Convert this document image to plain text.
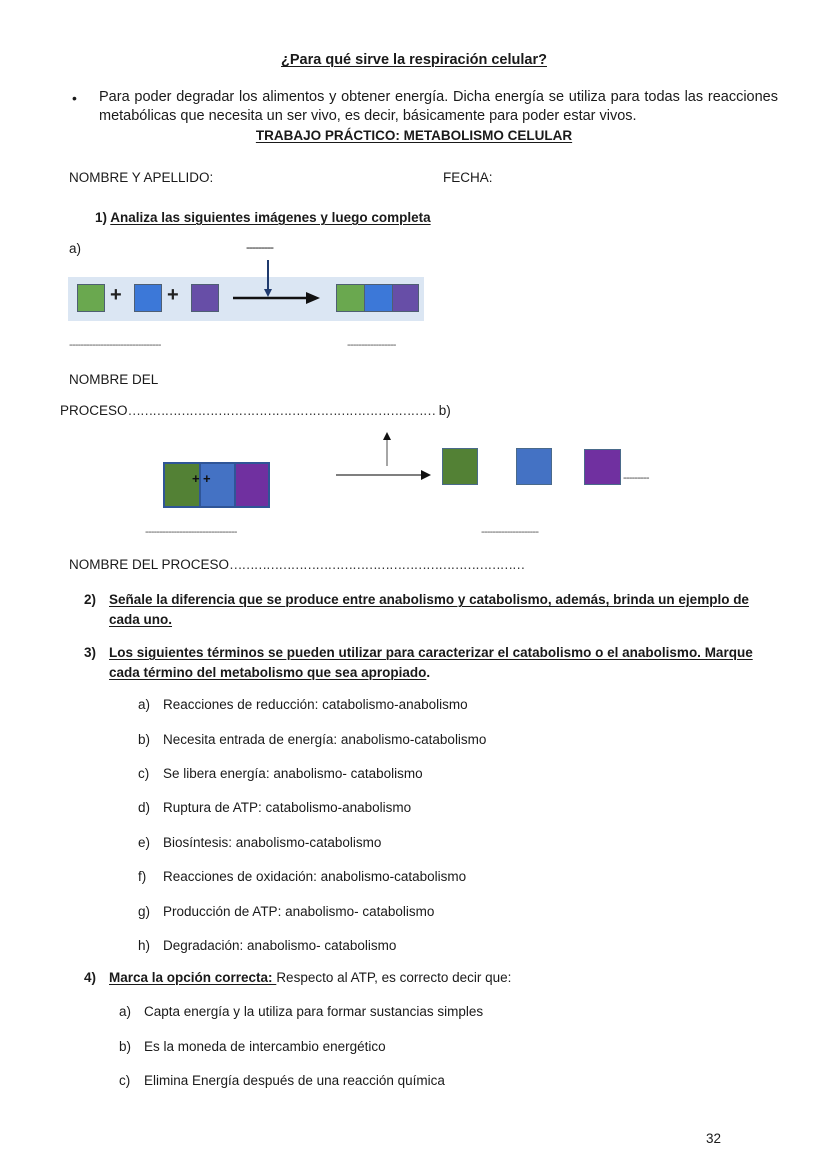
¿Para qué sirve la respiración celular?
• Para poder degradar los alimentos y obtener energía. Dicha energía se utiliza para todas las reacciones metabólicas que necesita un ser vivo, es decir, básicamente para poder estar vivos.
TRABAJO PRÁCTICO: METABOLISMO CELULAR
NOMBRE Y APELLIDO:	FECHA:
1) Analiza las siguientes imágenes y luego completa
a)	---------
+ +
--------------------------------	-----------------
NOMBRE DEL
PROCESO………………………………………………………………… b)
+ +	---------
--------------------------------	--------------------
NOMBRE DEL PROCESO………………………………………………………………
2) Señale la diferencia que se produce entre anabolismo y catabolismo, además, brinda un ejemplo de
cada uno.
3) Los siguientes términos se pueden utilizar para caracterizar el catabolismo o el anabolismo. Marque
cada término del metabolismo que sea apropiado.
a) Reacciones de reducción: catabolismo-anabolismo
b) Necesita entrada de energía: anabolismo-catabolismo
c) Se libera energía: anabolismo- catabolismo
d) Ruptura de ATP: catabolismo-anabolismo
e) Biosíntesis: anabolismo-catabolismo
f) Reacciones de oxidación: anabolismo-catabolismo
g) Producción de ATP: anabolismo- catabolismo
h) Degradación: anabolismo- catabolismo
4) Marca la opción correcta: Respecto al ATP, es correcto decir que:
a) Capta energía y la utiliza para formar sustancias simples
b) Es la moneda de intercambio energético
c) Elimina Energía después de una reacción química
32
